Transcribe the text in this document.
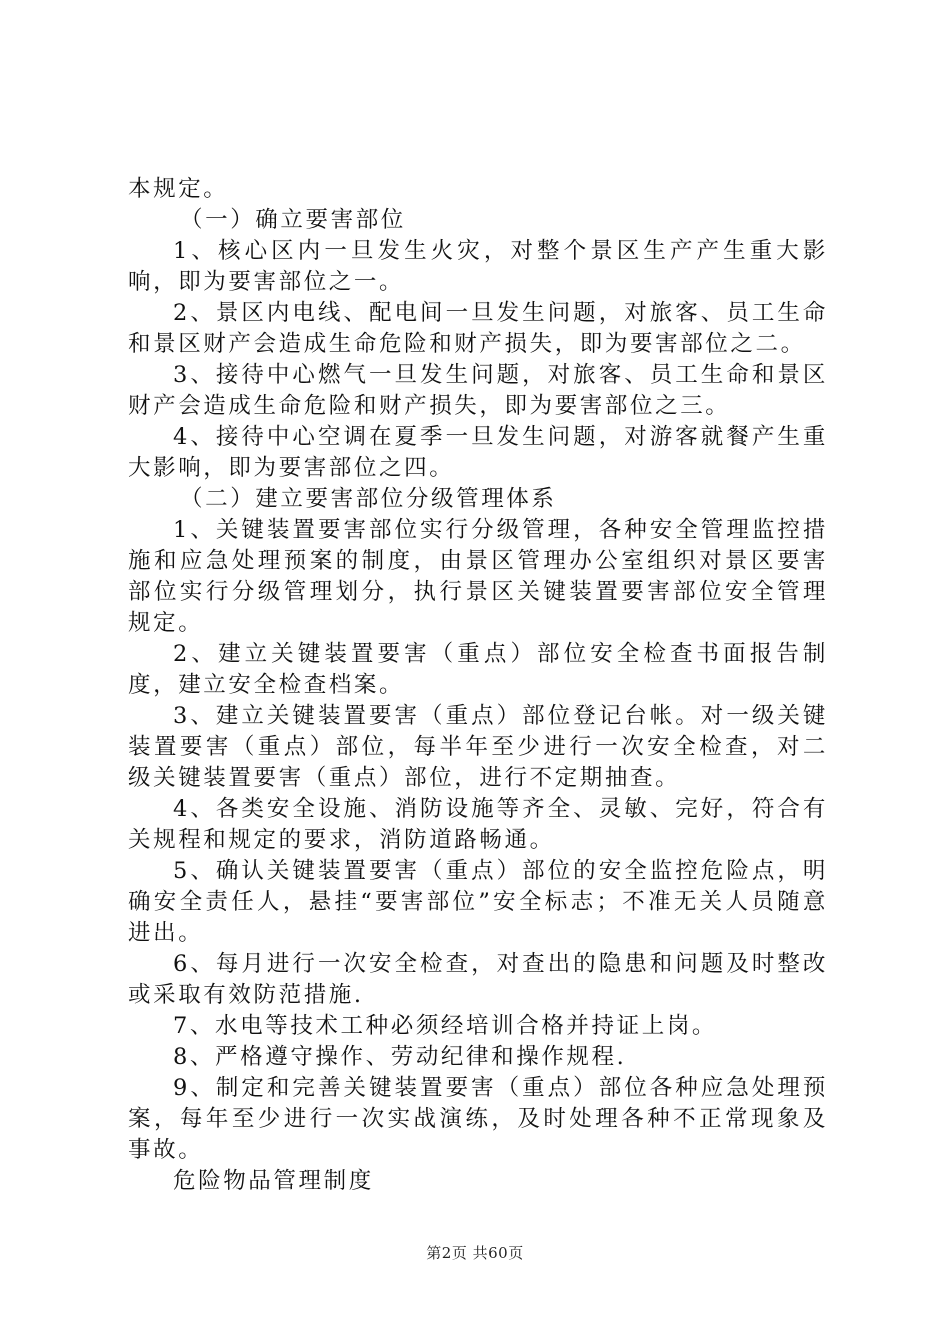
本规定。

（一）确立要害部位

1、核心区内一旦发生火灾，对整个景区生产产生重大影响，即为要害部位之一。

2、景区内电线、配电间一旦发生问题，对旅客、员工生命和景区财产会造成生命危险和财产损失，即为要害部位之二。

3、接待中心燃气一旦发生问题，对旅客、员工生命和景区财产会造成生命危险和财产损失，即为要害部位之三。

4、接待中心空调在夏季一旦发生问题，对游客就餐产生重大影响，即为要害部位之四。

（二）建立要害部位分级管理体系

1、关键装置要害部位实行分级管理，各种安全管理监控措施和应急处理预案的制度，由景区管理办公室组织对景区要害部位实行分级管理划分，执行景区关键装置要害部位安全管理规定。

2、建立关键装置要害（重点）部位安全检查书面报告制度，建立安全检查档案。

3、建立关键装置要害（重点）部位登记台帐。对一级关键装置要害（重点）部位，每半年至少进行一次安全检查，对二级关键装置要害（重点）部位，进行不定期抽查。

4、各类安全设施、消防设施等齐全、灵敏、完好，符合有关规程和规定的要求，消防道路畅通。

5、确认关键装置要害（重点）部位的安全监控危险点，明确安全责任人，悬挂“要害部位”安全标志；不准无关人员随意进出。

6、每月进行一次安全检查，对查出的隐患和问题及时整改或采取有效防范措施.

7、水电等技术工种必须经培训合格并持证上岗。

8、严格遵守操作、劳动纪律和操作规程.

9、制定和完善关键装置要害（重点）部位各种应急处理预案，每年至少进行一次实战演练，及时处理各种不正常现象及事故。

危险物品管理制度

第2页 共60页
